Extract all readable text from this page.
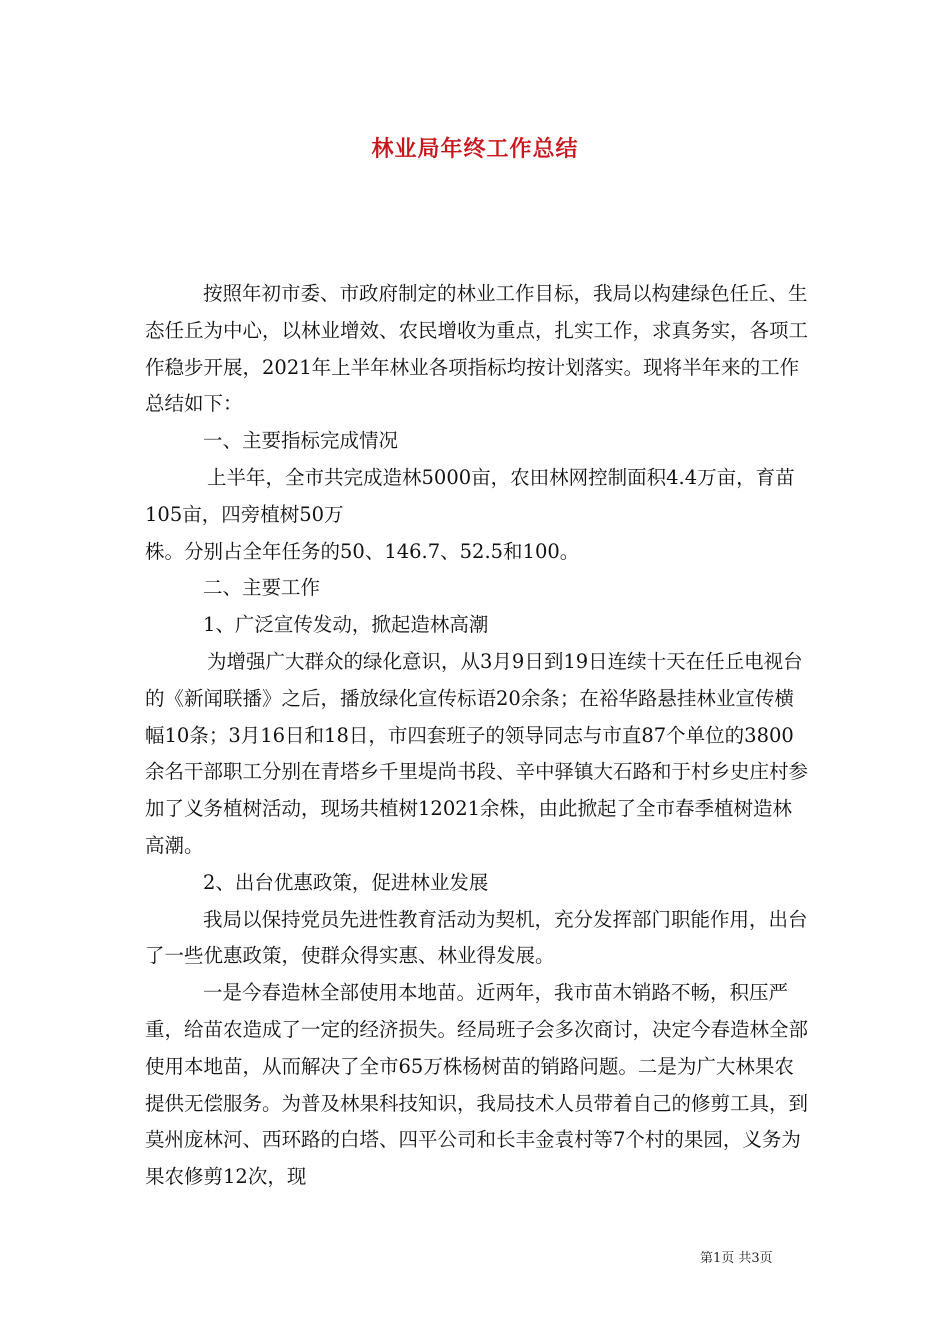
林业局年终工作总结

按照年初市委、市政府制定的林业工作目标，我局以构建绿色任丘、生态任丘为中心，以林业增效、农民增收为重点，扎实工作，求真务实，各项工作稳步开展，2021年上半年林业各项指标均按计划落实。现将半年来的工作总结如下：

一、主要指标完成情况

上半年，全市共完成造林5000亩，农田林网控制面积4.4万亩，育苗105亩，四旁植树50万

株。分别占全年任务的50、146.7、52.5和100。

二、主要工作

1、广泛宣传发动，掀起造林高潮

为增强广大群众的绿化意识，从3月9日到19日连续十天在任丘电视台的《新闻联播》之后，播放绿化宣传标语20余条；在裕华路悬挂林业宣传横幅10条；3月16日和18日，市四套班子的领导同志与市直87个单位的3800余名干部职工分别在青塔乡千里堤尚书段、辛中驿镇大石路和于村乡史庄村参加了义务植树活动，现场共植树12021余株，由此掀起了全市春季植树造林高潮。

2、出台优惠政策，促进林业发展

我局以保持党员先进性教育活动为契机，充分发挥部门职能作用，出台了一些优惠政策，使群众得实惠、林业得发展。

一是今春造林全部使用本地苗。近两年，我市苗木销路不畅，积压严重，给苗农造成了一定的经济损失。经局班子会多次商讨，决定今春造林全部使用本地苗，从而解决了全市65万株杨树苗的销路问题。二是为广大林果农提供无偿服务。为普及林果科技知识，我局技术人员带着自己的修剪工具，到莫州庞林河、西环路的白塔、四平公司和长丰金袁村等7个村的果园，义务为果农修剪12次，现

第1页 共3页
